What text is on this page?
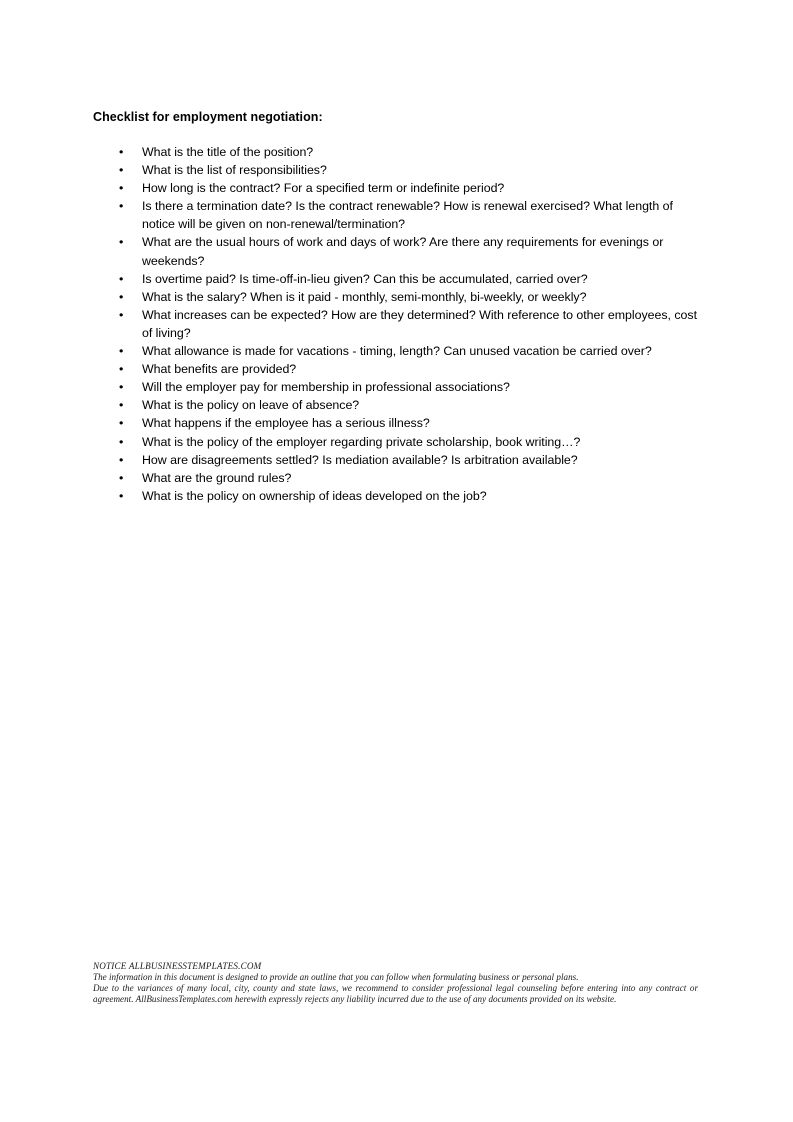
Checklist for employment negotiation:
•	What is the title of the position?
•	What is the list of responsibilities?
•	How long is the contract? For a specified term or indefinite period?
•	Is there a termination date? Is the contract renewable? How is renewal exercised? What length of notice will be given on non-renewal/termination?
•	What are the usual hours of work and days of work? Are there any requirements for evenings or weekends?
•	Is overtime paid? Is time-off-in-lieu given? Can this be accumulated, carried over?
•	What is the salary? When is it paid - monthly, semi-monthly, bi-weekly, or weekly?
•	What increases can be expected? How are they determined? With reference to other employees, cost of living?
•	What allowance is made for vacations - timing, length? Can unused vacation be carried over?
•	What benefits are provided?
•	Will the employer pay for membership in professional associations?
•	What is the policy on leave of absence?
•	What happens if the employee has a serious illness?
•	What is the policy of the employer regarding private scholarship, book writing…?
•	How are disagreements settled? Is mediation available? Is arbitration available?
•	What are the ground rules?
•	What is the policy on ownership of ideas developed on the job?
NOTICE ALLBUSINESSTEMPLATES.COM
The information in this document is designed to provide an outline that you can follow when formulating business or personal plans.
Due to the variances of many local, city, county and state laws, we recommend to consider professional legal counseling before entering into any contract or agreement. AllBusinessTemplates.com herewith expressly rejects any liability incurred due to the use of any documents provided on its website.
